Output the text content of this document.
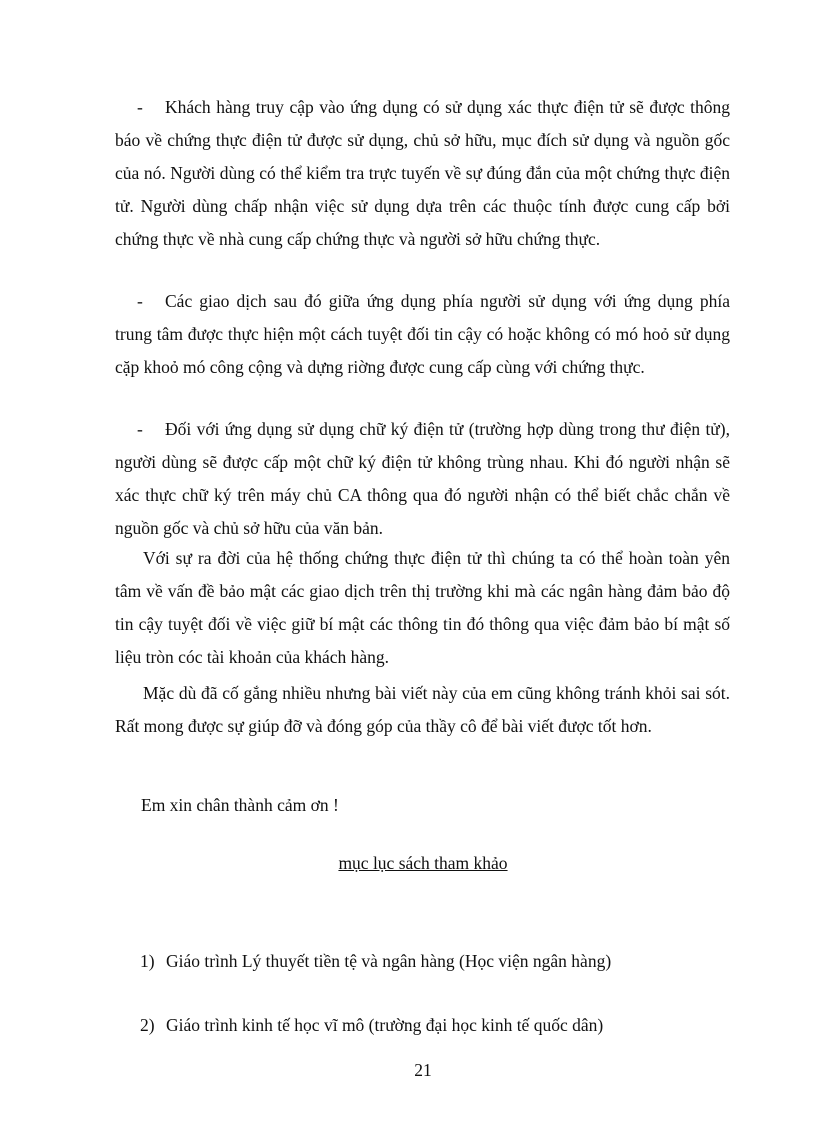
- Khách hàng truy cập vào ứng dụng có sử dụng xác thực điện tử sẽ được thông báo về chứng thực điện tử được sử dụng, chủ sở hữu, mục đích sử dụng và nguồn gốc của nó. Người dùng có thể kiểm tra trực tuyến về sự đúng đắn của một chứng thực điện tử. Người dùng chấp nhận việc sử dụng dựa trên các thuộc tính được cung cấp bởi chứng thực về nhà cung cấp chứng thực và người sở hữu chứng thực.

- Các giao dịch sau đó giữa ứng dụng phía người sử dụng với ứng dụng phía trung tâm được thực hiện một cách tuyệt đối tin cậy có hoặc không có mó hoỏ sử dụng cặp khoỏ mó công cộng và dựng riờng được cung cấp cùng với chứng thực.

- Đối với ứng dụng sử dụng chữ ký điện tử (trường hợp dùng trong thư điện tử), người dùng sẽ được cấp một chữ ký điện tử không trùng nhau. Khi đó người nhận sẽ xác thực chữ ký trên máy chủ CA thông qua đó người nhận có thể biết chắc chắn về nguồn gốc và chủ sở hữu của văn bản.

Với sự ra đời của hệ thống chứng thực điện tử thì chúng ta có thể hoàn toàn yên tâm về vấn đề bảo mật các giao dịch trên thị trường khi mà các ngân hàng đảm bảo độ tin cậy tuyệt đối về việc giữ bí mật các thông tin đó thông qua việc đảm bảo bí mật số liệu tròn cóc tài khoản của khách hàng.

Mặc dù đã cố gắng nhiều nhưng bài viết này của em cũng không tránh khỏi sai sót. Rất mong được sự giúp đỡ và đóng góp của thầy cô để bài viết được tốt hơn.

Em xin chân thành cảm ơn !

mục lục sách tham khảo

1) Giáo trình Lý thuyết tiền tệ và ngân hàng (Học viện ngân hàng)

2) Giáo trình kinh tế học vĩ mô (trường đại học kinh tế quốc dân)

21
